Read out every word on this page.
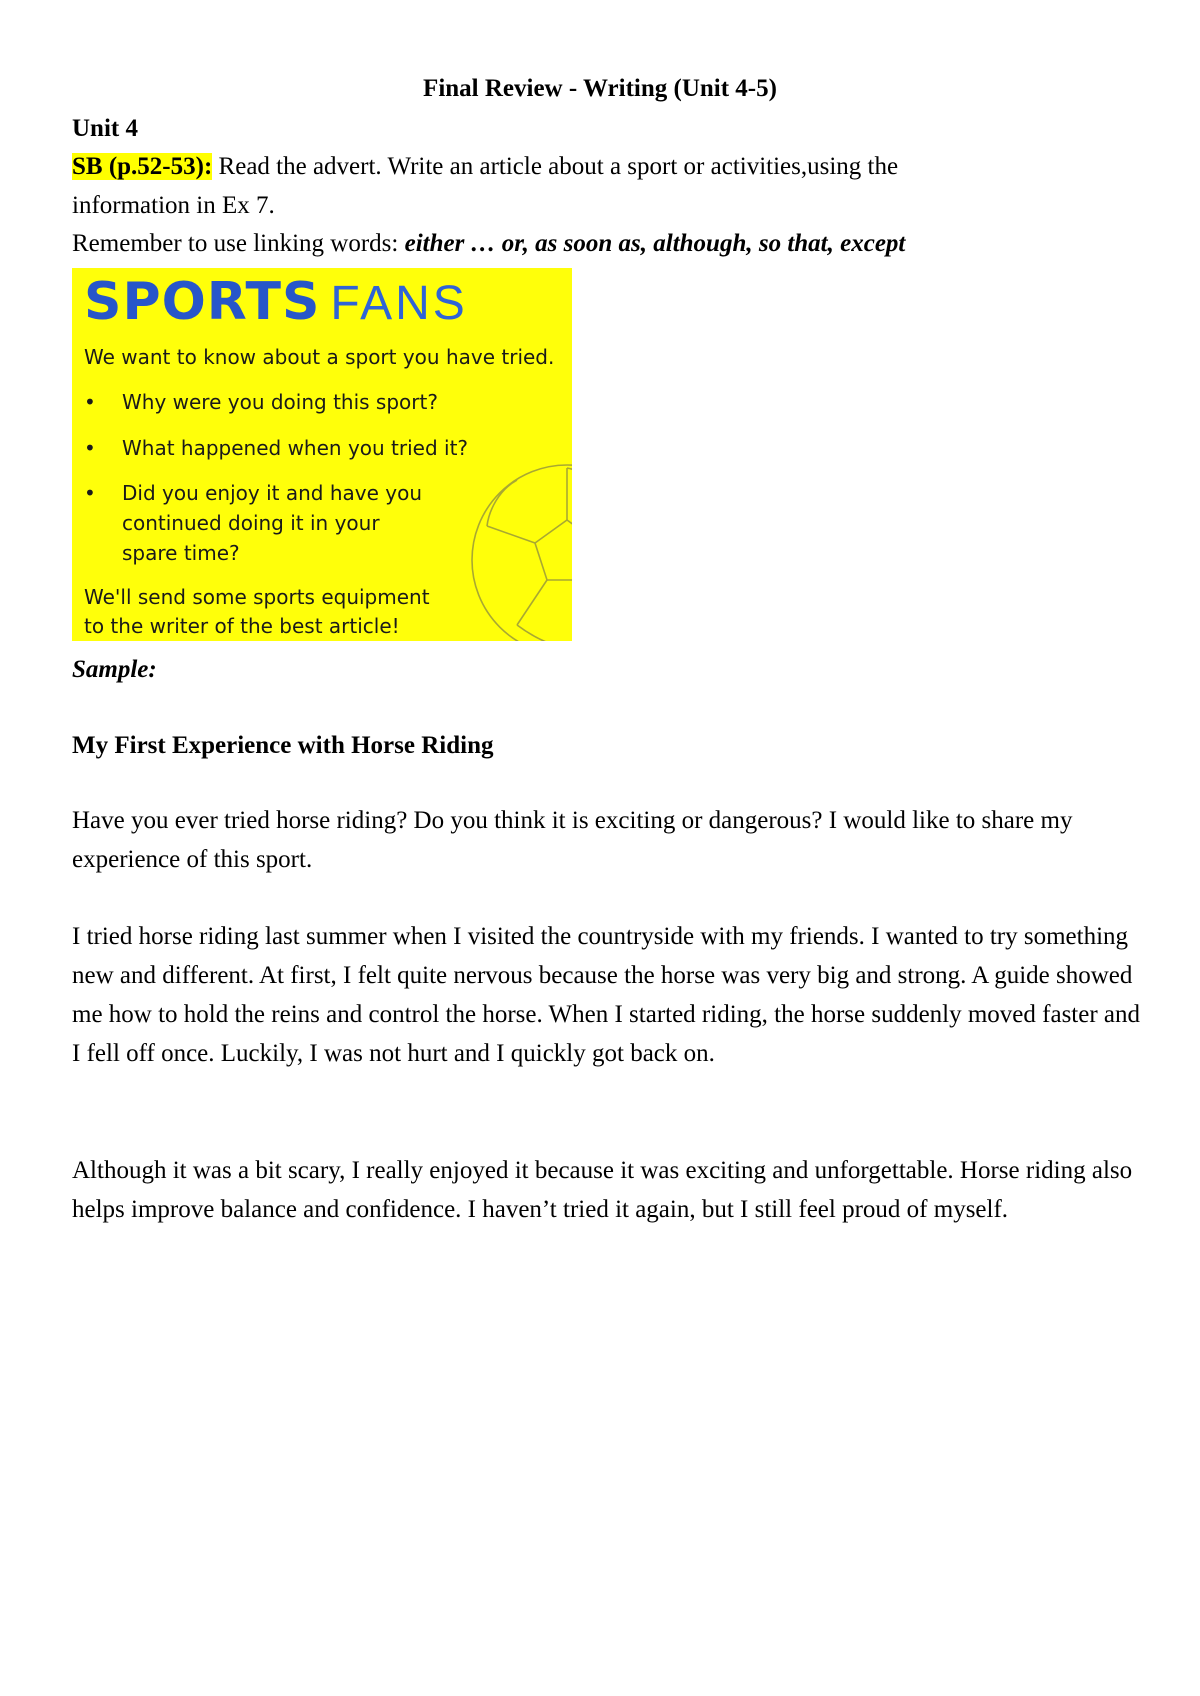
Final Review - Writing (Unit 4-5)
Unit 4
SB (p.52-53): Read the advert. Write an article about a sport or activities,using the
information in Ex 7.
Remember to use linking words: either … or, as soon as, although, so that, except
SPORTS FANS
We want to know about a sport you have tried.
•	Why were you doing this sport?
•	What happened when you tried it?
•	Did you enjoy it and have you
continued doing it in your
spare time?
We'll send some sports equipment
to the writer of the best article!
Sample:
My First Experience with Horse Riding
Have you ever tried horse riding? Do you think it is exciting or dangerous? I would like to share my experience of this sport.
I tried horse riding last summer when I visited the countryside with my friends. I wanted to try something new and different. At first, I felt quite nervous because the horse was very big and strong. A guide showed me how to hold the reins and control the horse. When I started riding, the horse suddenly moved faster and I fell off once. Luckily, I was not hurt and I quickly got back on.
Although it was a bit scary, I really enjoyed it because it was exciting and unforgettable. Horse riding also helps improve balance and confidence. I haven’t tried it again, but I still feel proud of myself.
